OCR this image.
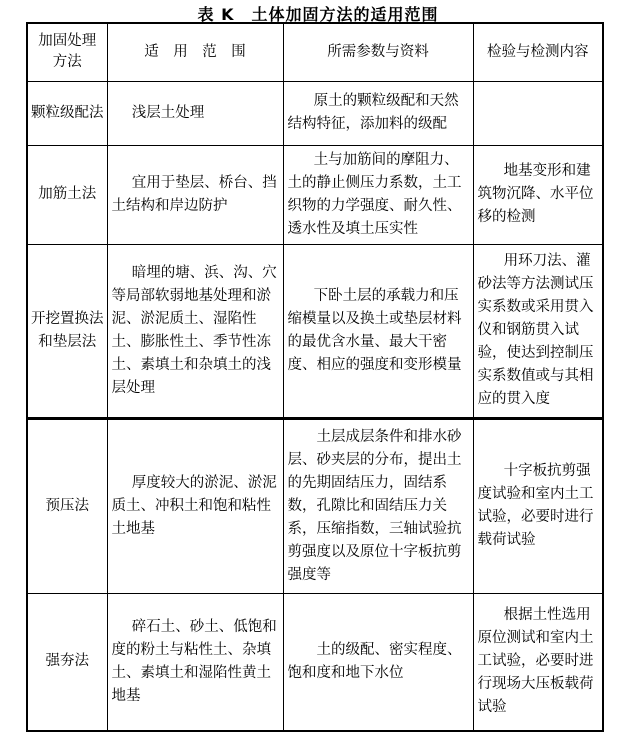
表 K　土体加固方法的适用范围
加固处理方法	适　用　范　围	所需参数与资料	检验与检测内容
颗粒级配法	浅层土处理	原土的颗粒级配和天然结构特征，添加料的级配	
加筋土法	宜用于垫层、桥台、挡土结构和岸边防护	土与加筋间的摩阻力、土的静止侧压力系数，土工织物的力学强度、耐久性、透水性及填土压实性	地基变形和建筑物沉降、水平位移的检测
开挖置换法和垫层法	暗埋的塘、浜、沟、穴等局部软弱地基处理和淤泥、淤泥质土、湿陷性土、膨胀性土、季节性冻土、素填土和杂填土的浅层处理	下卧土层的承载力和压缩模量以及换土或垫层材料的最优含水量、最大干密度、相应的强度和变形模量	用环刀法、灌砂法等方法测试压实系数或采用贯入仪和钢筋贯入试验，使达到控制压实系数值或与其相应的贯入度
预压法	厚度较大的淤泥、淤泥质土、冲积土和饱和粘性土地基	土层成层条件和排水砂层、砂夹层的分布，提出土的先期固结压力，固结系数，孔隙比和固结压力关系，压缩指数，三轴试验抗剪强度以及原位十字板抗剪强度等	十字板抗剪强度试验和室内土工试验，必要时进行载荷试验
强夯法	碎石土、砂土、低饱和度的粉土与粘性土、杂填土、素填土和湿陷性黄土地基	土的级配、密实程度、饱和度和地下水位	根据土性选用原位测试和室内土工试验，必要时进行现场大压板载荷试验
